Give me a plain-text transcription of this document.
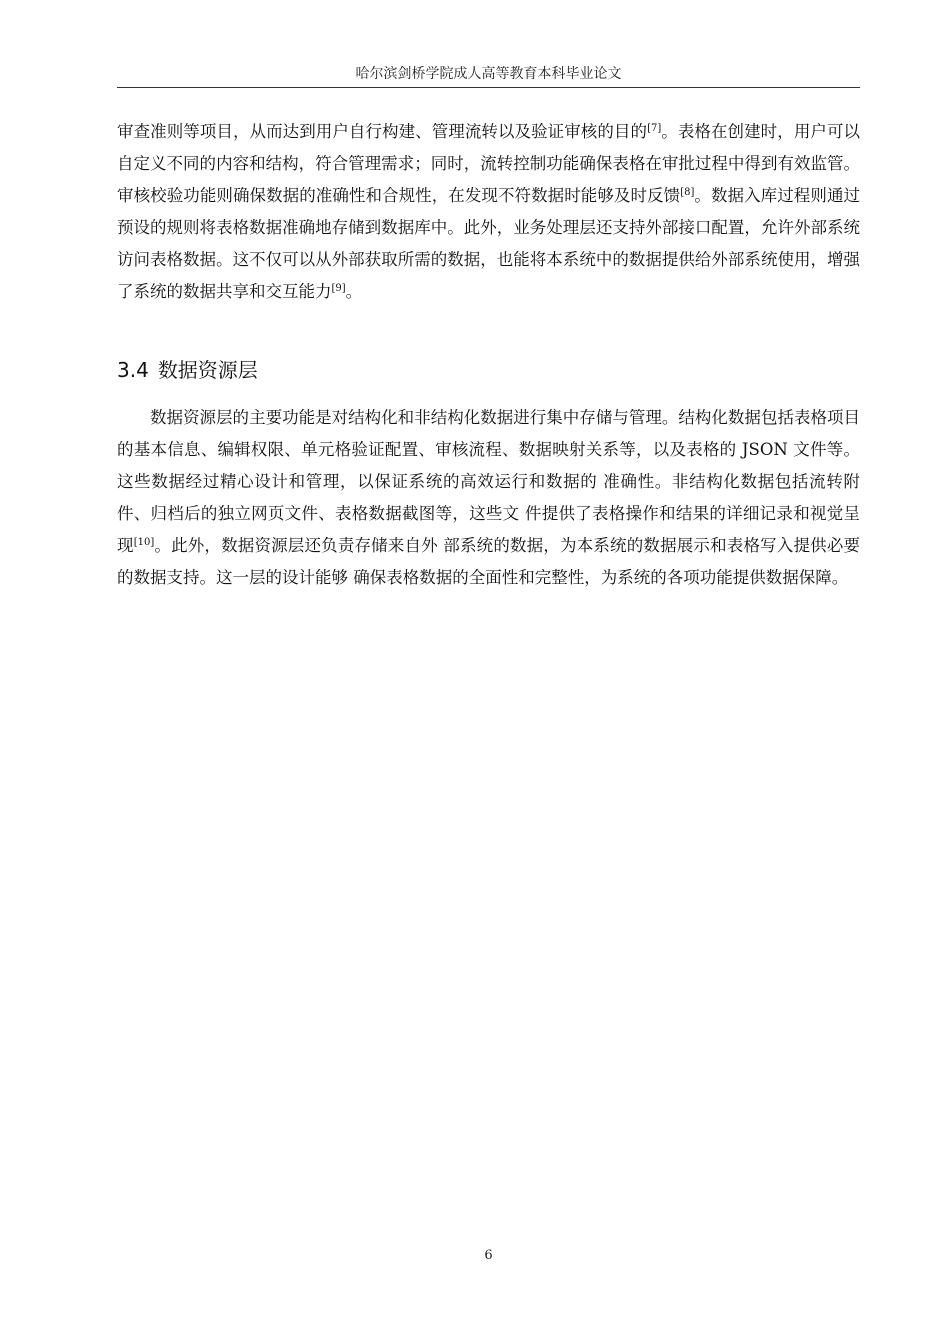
哈尔滨剑桥学院成人高等教育本科毕业论文

审查准则等项目，从而达到用户自行构建、管理流转以及验证审核的目的[7]。表格在创建时，用户可以自定义不同的内容和结构，符合管理需求；同时，流转控制功能确保表格在审批过程中得到有效监管。审核校验功能则确保数据的准确性和合规性，在发现不符数据时能够及时反馈[8]。数据入库过程则通过预设的规则将表格数据准确地存储到数据库中。此外，业务处理层还支持外部接口配置，允许外部系统访问表格数据。这不仅可以从外部获取所需的数据，也能将本系统中的数据提供给外部系统使用，增强了系统的数据共享和交互能力[9]。

3.4 数据资源层

数据资源层的主要功能是对结构化和非结构化数据进行集中存储与管理。结构化数据包括表格项目的基本信息、编辑权限、单元格验证配置、审核流程、数据映射关系等，以及表格的 JSON 文件等。这些数据经过精心设计和管理，以保证系统的高效运行和数据的 准确性。非结构化数据包括流转附件、归档后的独立网页文件、表格数据截图等，这些文 件提供了表格操作和结果的详细记录和视觉呈现[10]。此外，数据资源层还负责存储来自外 部系统的数据，为本系统的数据展示和表格写入提供必要的数据支持。这一层的设计能够 确保表格数据的全面性和完整性，为系统的各项功能提供数据保障。

6
